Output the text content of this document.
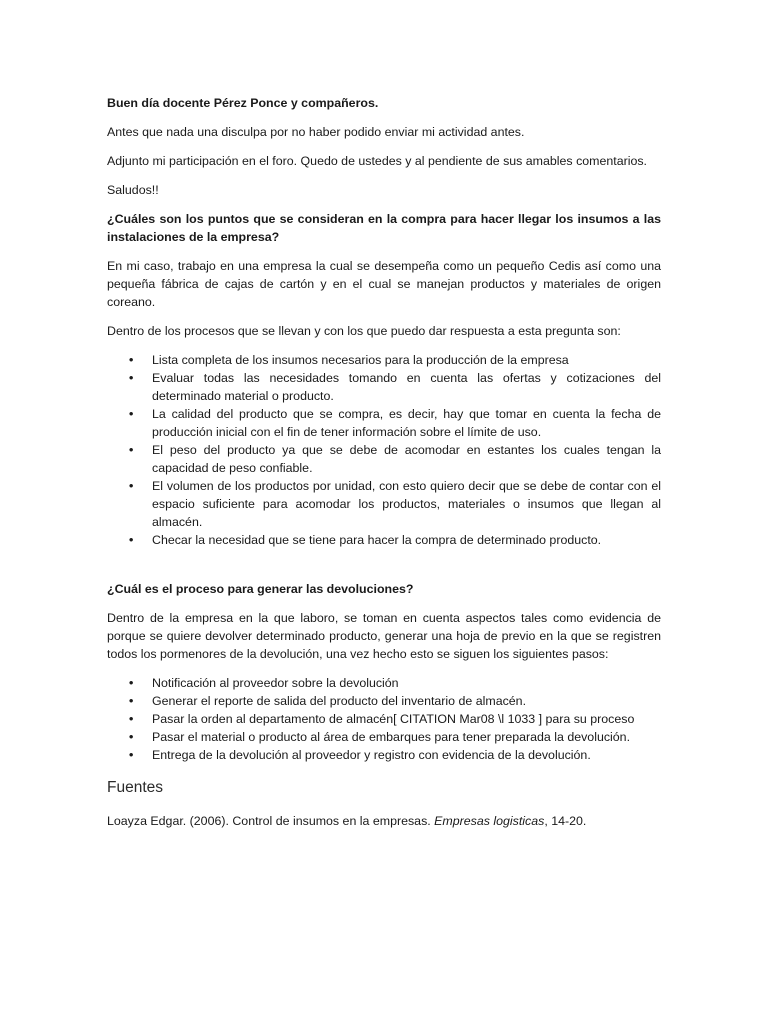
Buen día docente Pérez Ponce y compañeros.

Antes que nada una disculpa por no haber podido enviar mi actividad antes.

Adjunto mi participación en el foro. Quedo de ustedes y al pendiente de sus amables comentarios.

Saludos!!

¿Cuáles son los puntos que se consideran en la compra para hacer llegar los insumos a las instalaciones de la empresa?

En mi caso, trabajo en una empresa la cual se desempeña como un pequeño Cedis así como una pequeña fábrica de cajas de cartón y en el cual se manejan productos y materiales de origen coreano.

Dentro de los procesos que se llevan y con los que puedo dar respuesta a esta pregunta son:

• Lista completa de los insumos necesarios para la producción de la empresa
• Evaluar todas las necesidades tomando en cuenta las ofertas y cotizaciones del determinado material o producto.
• La calidad del producto que se compra, es decir, hay que tomar en cuenta la fecha de producción inicial con el fin de tener información sobre el límite de uso.
• El peso del producto ya que se debe de acomodar en estantes los cuales tengan la capacidad de peso confiable.
• El volumen de los productos por unidad, con esto quiero decir que se debe de contar con el espacio suficiente para acomodar los productos, materiales o insumos que llegan al almacén.
• Checar la necesidad que se tiene para hacer la compra de determinado producto.

¿Cuál es el proceso para generar las devoluciones?

Dentro de la empresa en la que laboro, se toman en cuenta aspectos tales como evidencia de porque se quiere devolver determinado producto, generar una hoja de previo en la que se registren todos los pormenores de la devolución, una vez hecho esto se siguen los siguientes pasos:

• Notificación al proveedor sobre la devolución
• Generar el reporte de salida del producto del inventario de almacén.
• Pasar la orden al departamento de almacén[ CITATION Mar08 \l 1033 ] para su proceso
• Pasar el material o producto al área de embarques para tener preparada la devolución.
• Entrega de la devolución al proveedor y registro con evidencia de la devolución.
Fuentes

Loayza Edgar. (2006). Control de insumos en la empresas. Empresas logisticas, 14-20.
